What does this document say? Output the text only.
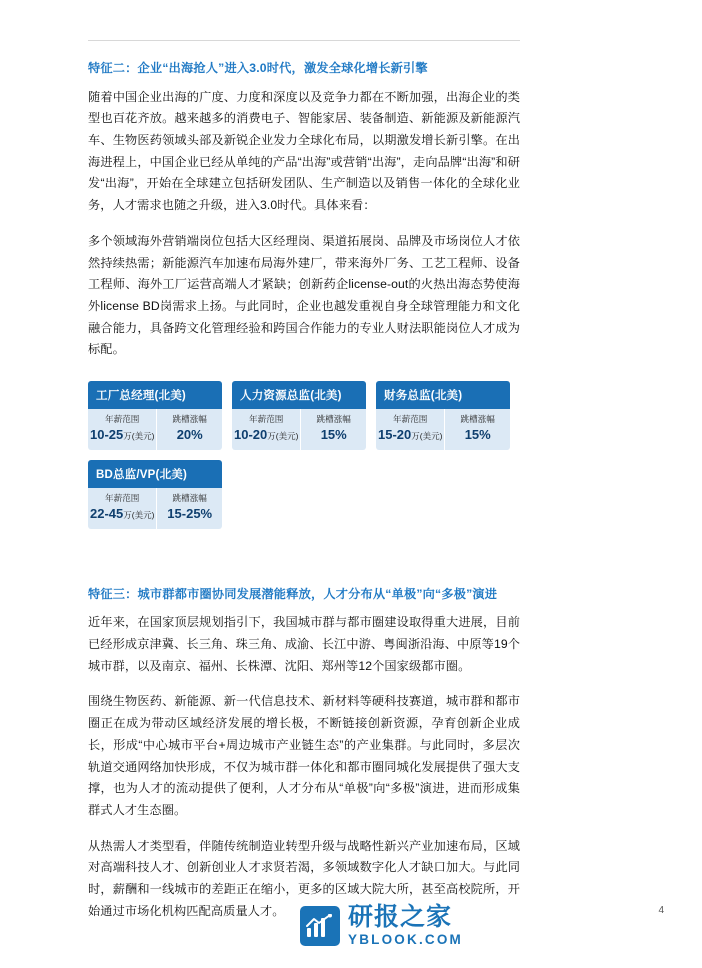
特征二：企业“出海抢人”进入3.0时代，激发全球化增长新引擎

随着中国企业出海的广度、力度和深度以及竞争力都在不断加强，出海企业的类型也百花齐放。越来越多的消费电子、智能家居、装备制造、新能源及新能源汽车、生物医药领域头部及新锐企业发力全球化布局，以期激发增长新引擎。在出海进程上，中国企业已经从单纯的产品“出海”或营销“出海”，走向品牌“出海”和研发“出海”，开始在全球建立包括研发团队、生产制造以及销售一体化的全球化业务，人才需求也随之升级，进入3.0时代。具体来看：

多个领域海外营销端岗位包括大区经理岗、渠道拓展岗、品牌及市场岗位人才依然持续热需；新能源汽车加速布局海外建厂，带来海外厂务、工艺工程师、设备工程师、海外工厂运营高端人才紧缺；创新药企license-out的火热出海态势使海外license BD岗需求上扬。与此同时，企业也越发重视自身全球管理能力和文化融合能力，具备跨文化管理经验和跨国合作能力的专业人财法职能岗位人才成为标配。

工厂总经理(北美)
年薪范围
10-25万(美元)
跳槽涨幅
20%
人力资源总监(北美)
年薪范围
10-20万(美元)
跳槽涨幅
15%
财务总监(北美)
年薪范围
15-20万(美元)
跳槽涨幅
15%
BD总监/VP(北美)
年薪范围
22-45万(美元)
跳槽涨幅
15-25%
特征三：城市群都市圈协同发展潜能释放，人才分布从“单极”向“多极”演进

近年来，在国家顶层规划指引下，我国城市群与都市圈建设取得重大进展，目前已经形成京津冀、长三角、珠三角、成渝、长江中游、粤闽浙沿海、中原等19个城市群，以及南京、福州、长株潭、沈阳、郑州等12个国家级都市圈。

围绕生物医药、新能源、新一代信息技术、新材料等硬科技赛道，城市群和都市圈正在成为带动区域经济发展的增长极，不断链接创新资源，孕育创新企业成长，形成“中心城市平台+周边城市产业链生态”的产业集群。与此同时，多层次轨道交通网络加快形成，不仅为城市群一体化和都市圈同城化发展提供了强大支撑，也为人才的流动提供了便利，人才分布从“单极”向“多极”演进，进而形成集群式人才生态圈。

从热需人才类型看，伴随传统制造业转型升级与战略性新兴产业加速布局，区域对高端科技人才、创新创业人才求贤若渴，多领域数字化人才缺口加大。与此同时，薪酬和一线城市的差距正在缩小，更多的区域大院大所，甚至高校院所，开始通过市场化机构匹配高质量人才。	4
研报之家
YBLOOK.COM
